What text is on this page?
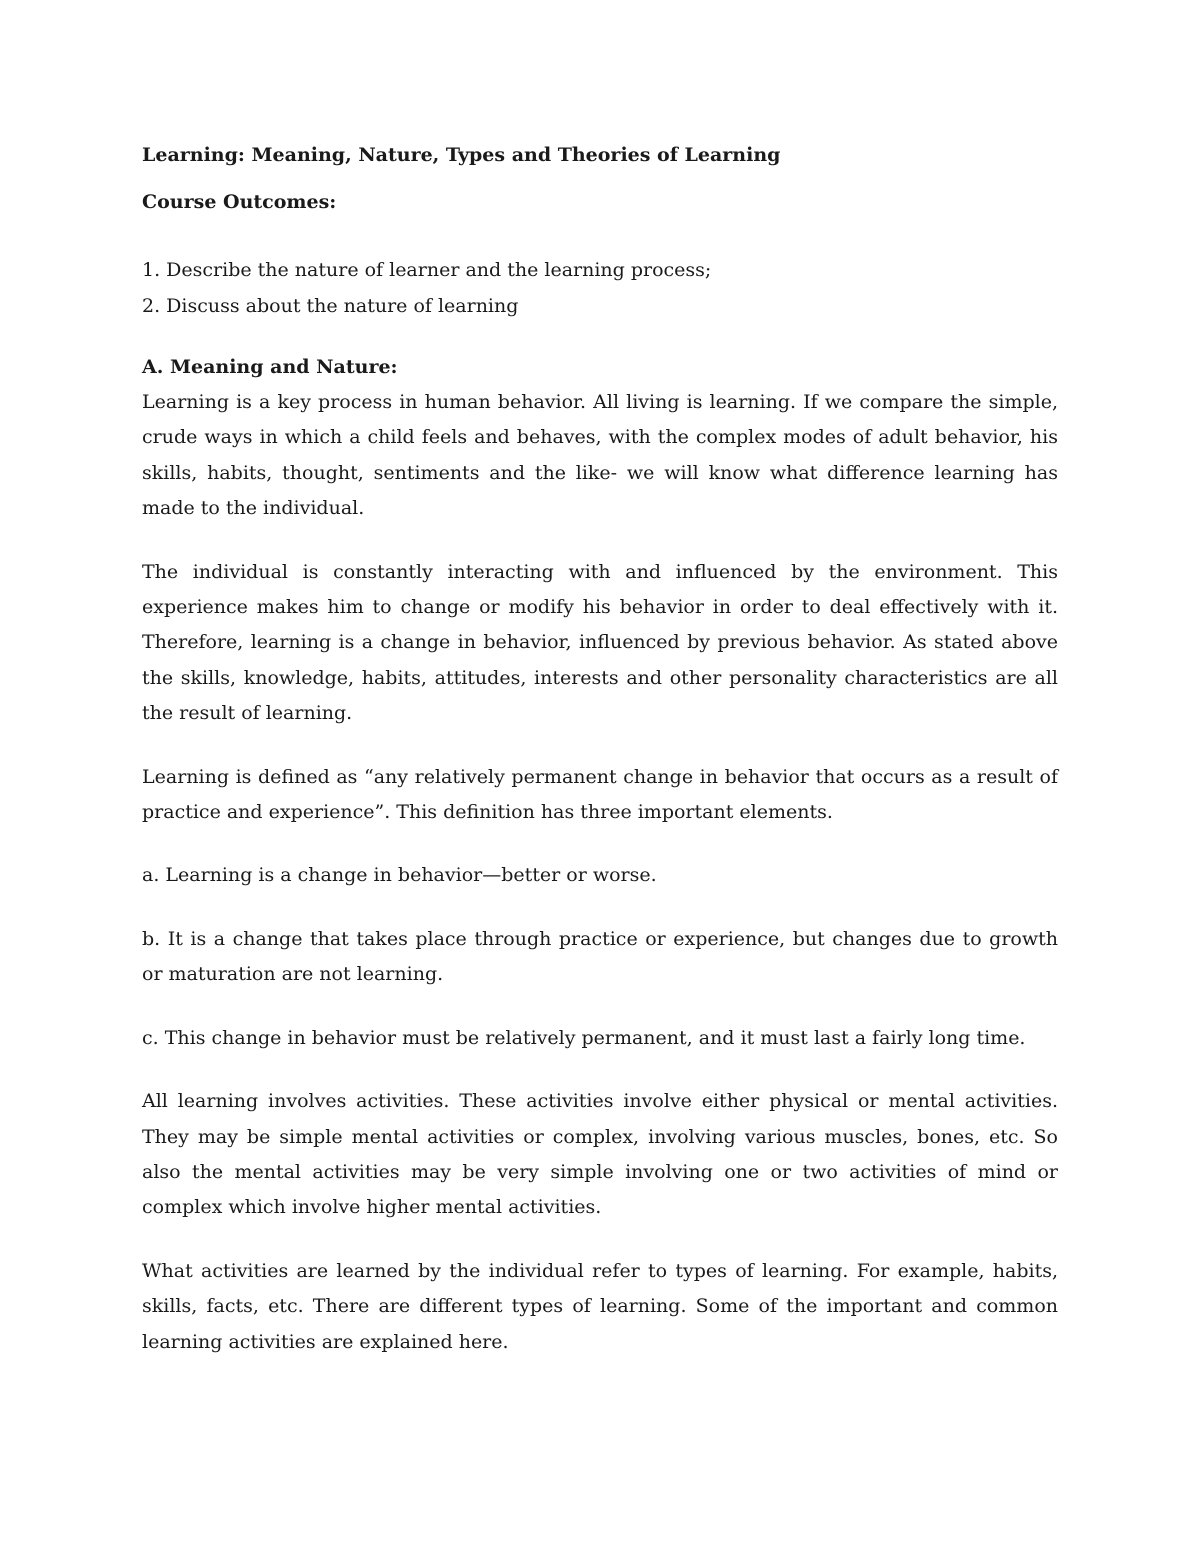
Learning: Meaning, Nature, Types and Theories of Learning

Course Outcomes:

1. Describe the nature of learner and the learning process;
2. Discuss about the nature of learning

A. Meaning and Nature:

Learning is a key process in human behavior. All living is learning. If we compare the simple, crude ways in which a child feels and behaves, with the complex modes of adult behavior, his skills, habits, thought, sentiments and the like- we will know what difference learning has made to the individual.

The individual is constantly interacting with and influenced by the environment. This experience makes him to change or modify his behavior in order to deal effectively with it. Therefore, learning is a change in behavior, influenced by previous behavior. As stated above the skills, knowledge, habits, attitudes, interests and other personality characteristics are all the result of learning.

Learning is defined as “any relatively permanent change in behavior that occurs as a result of practice and experience”. This definition has three important elements.

a. Learning is a change in behavior—better or worse.

b. It is a change that takes place through practice or experience, but changes due to growth or maturation are not learning.

c. This change in behavior must be relatively permanent, and it must last a fairly long time.

All learning involves activities. These activities involve either physical or mental activities. They may be simple mental activities or complex, involving various muscles, bones, etc. So also the mental activities may be very simple involving one or two activities of mind or complex which involve higher mental activities.

What activities are learned by the individual refer to types of learning. For example, habits, skills, facts, etc. There are different types of learning. Some of the important and common learning activities are explained here.
